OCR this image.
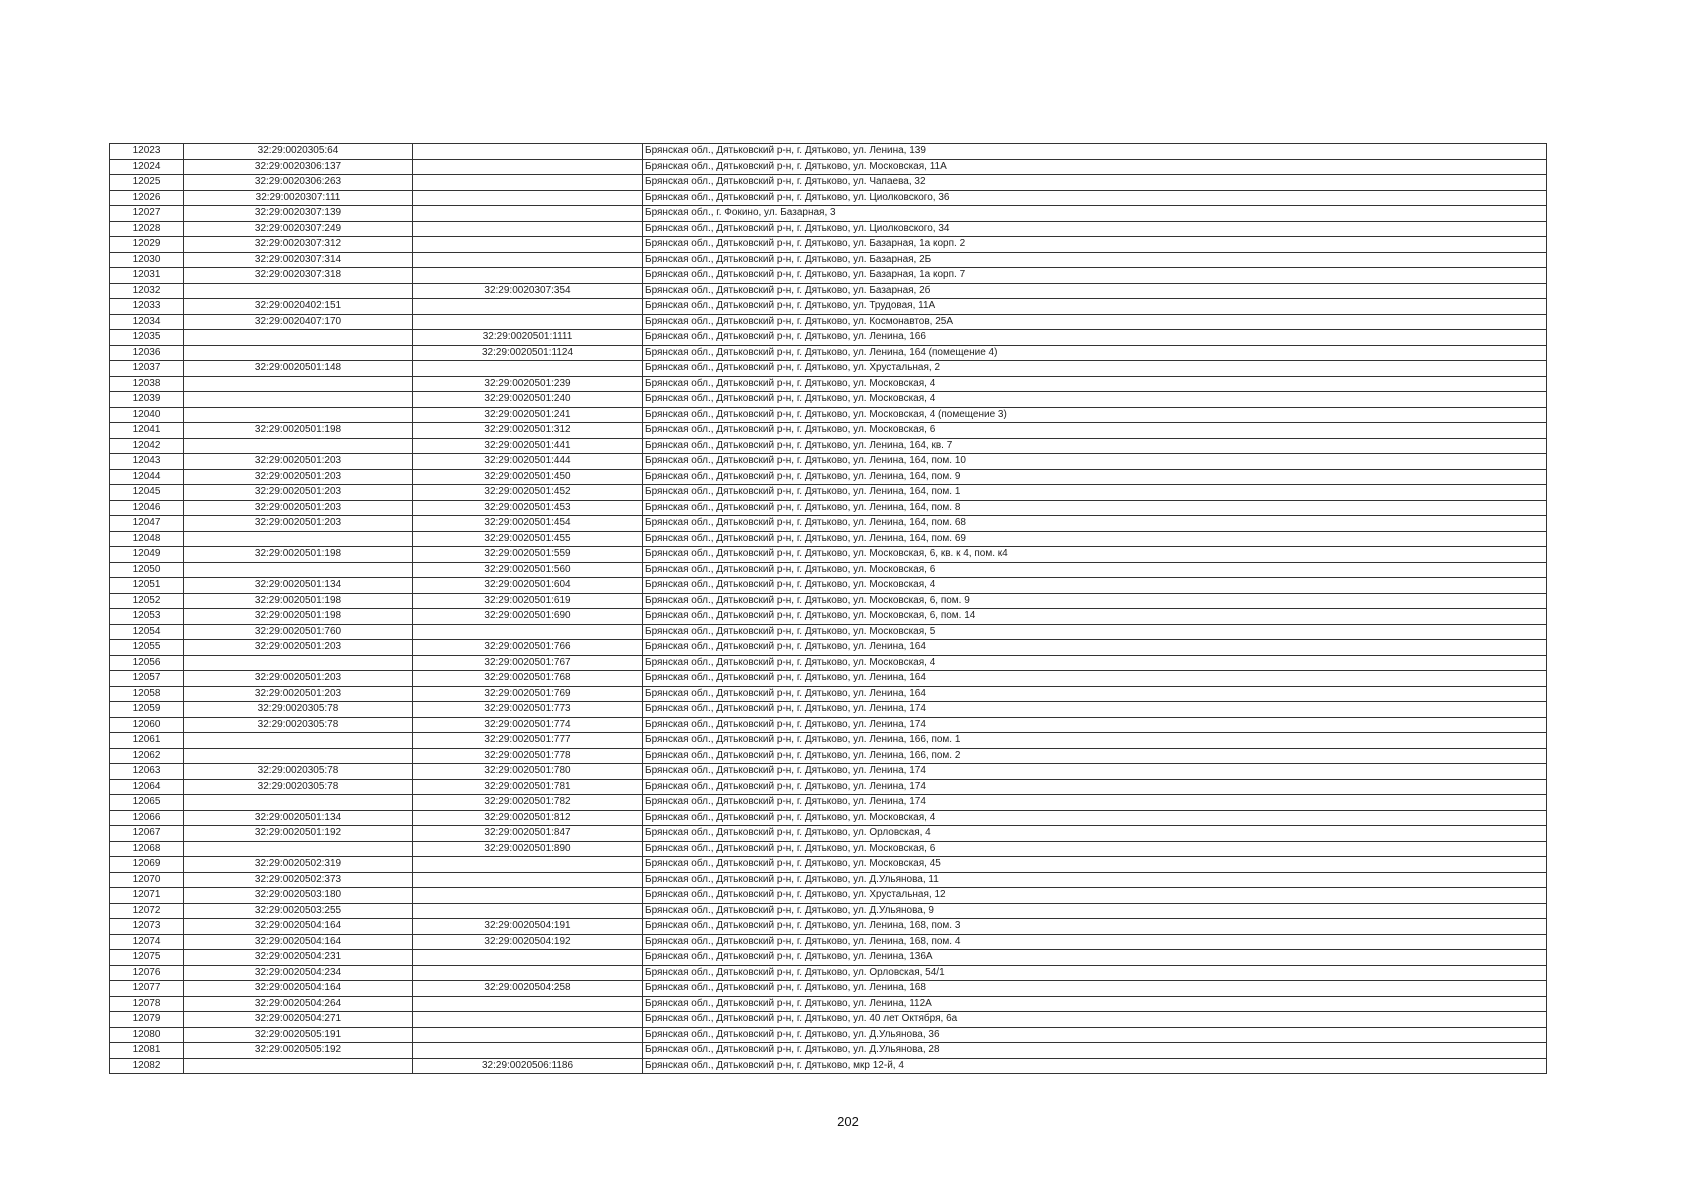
12023	32:29:0020305:64		Брянская обл., Дятьковский р-н, г. Дятьково, ул. Ленина, 139
12024	32:29:0020306:137		Брянская обл., Дятьковский р-н, г. Дятьково, ул. Московская, 11А
12025	32:29:0020306:263		Брянская обл., Дятьковский р-н, г. Дятьково, ул. Чапаева, 32
12026	32:29:0020307:111		Брянская обл., Дятьковский р-н, г. Дятьково, ул. Циолковского, 36
12027	32:29:0020307:139		Брянская обл., г. Фокино, ул. Базарная, 3
12028	32:29:0020307:249		Брянская обл., Дятьковский р-н, г. Дятьково, ул. Циолковского, 34
12029	32:29:0020307:312		Брянская обл., Дятьковский р-н, г. Дятьково, ул. Базарная, 1а корп. 2
12030	32:29:0020307:314		Брянская обл., Дятьковский р-н, г. Дятьково, ул. Базарная, 2Б
12031	32:29:0020307:318		Брянская обл., Дятьковский р-н, г. Дятьково, ул. Базарная, 1а корп. 7
12032		32:29:0020307:354	Брянская обл., Дятьковский р-н, г. Дятьково, ул. Базарная, 2б
12033	32:29:0020402:151		Брянская обл., Дятьковский р-н, г. Дятьково, ул. Трудовая, 11А
12034	32:29:0020407:170		Брянская обл., Дятьковский р-н, г. Дятьково, ул. Космонавтов, 25А
12035		32:29:0020501:1111	Брянская обл., Дятьковский р-н, г. Дятьково, ул. Ленина, 166
12036		32:29:0020501:1124	Брянская обл., Дятьковский р-н, г. Дятьково, ул. Ленина, 164 (помещение 4)
12037	32:29:0020501:148		Брянская обл., Дятьковский р-н, г. Дятьково, ул. Хрустальная, 2
12038		32:29:0020501:239	Брянская обл., Дятьковский р-н, г. Дятьково, ул. Московская, 4
12039		32:29:0020501:240	Брянская обл., Дятьковский р-н, г. Дятьково, ул. Московская, 4
12040		32:29:0020501:241	Брянская обл., Дятьковский р-н, г. Дятьково, ул. Московская, 4 (помещение 3)
12041	32:29:0020501:198	32:29:0020501:312	Брянская обл., Дятьковский р-н, г. Дятьково, ул. Московская, 6
12042		32:29:0020501:441	Брянская обл., Дятьковский р-н, г. Дятьково, ул. Ленина, 164, кв. 7
12043	32:29:0020501:203	32:29:0020501:444	Брянская обл., Дятьковский р-н, г. Дятьково, ул. Ленина, 164, пом. 10
12044	32:29:0020501:203	32:29:0020501:450	Брянская обл., Дятьковский р-н, г. Дятьково, ул. Ленина, 164, пом. 9
12045	32:29:0020501:203	32:29:0020501:452	Брянская обл., Дятьковский р-н, г. Дятьково, ул. Ленина, 164, пом. 1
12046	32:29:0020501:203	32:29:0020501:453	Брянская обл., Дятьковский р-н, г. Дятьково, ул. Ленина, 164, пом. 8
12047	32:29:0020501:203	32:29:0020501:454	Брянская обл., Дятьковский р-н, г. Дятьково, ул. Ленина, 164, пом. 68
12048		32:29:0020501:455	Брянская обл., Дятьковский р-н, г. Дятьково, ул. Ленина, 164, пом. 69
12049	32:29:0020501:198	32:29:0020501:559	Брянская обл., Дятьковский р-н, г. Дятьково, ул. Московская, 6, кв. к 4, пом. к4
12050		32:29:0020501:560	Брянская обл., Дятьковский р-н, г. Дятьково, ул. Московская, 6
12051	32:29:0020501:134	32:29:0020501:604	Брянская обл., Дятьковский р-н, г. Дятьково, ул. Московская, 4
12052	32:29:0020501:198	32:29:0020501:619	Брянская обл., Дятьковский р-н, г. Дятьково, ул. Московская, 6, пом. 9
12053	32:29:0020501:198	32:29:0020501:690	Брянская обл., Дятьковский р-н, г. Дятьково, ул. Московская, 6, пом. 14
12054	32:29:0020501:760		Брянская обл., Дятьковский р-н, г. Дятьково, ул. Московская, 5
12055	32:29:0020501:203	32:29:0020501:766	Брянская обл., Дятьковский р-н, г. Дятьково, ул. Ленина, 164
12056		32:29:0020501:767	Брянская обл., Дятьковский р-н, г. Дятьково, ул. Московская, 4
12057	32:29:0020501:203	32:29:0020501:768	Брянская обл., Дятьковский р-н, г. Дятьково, ул. Ленина, 164
12058	32:29:0020501:203	32:29:0020501:769	Брянская обл., Дятьковский р-н, г. Дятьково, ул. Ленина, 164
12059	32:29:0020305:78	32:29:0020501:773	Брянская обл., Дятьковский р-н, г. Дятьково, ул. Ленина, 174
12060	32:29:0020305:78	32:29:0020501:774	Брянская обл., Дятьковский р-н, г. Дятьково, ул. Ленина, 174
12061		32:29:0020501:777	Брянская обл., Дятьковский р-н, г. Дятьково, ул. Ленина, 166, пом. 1
12062		32:29:0020501:778	Брянская обл., Дятьковский р-н, г. Дятьково, ул. Ленина, 166, пом. 2
12063	32:29:0020305:78	32:29:0020501:780	Брянская обл., Дятьковский р-н, г. Дятьково, ул. Ленина, 174
12064	32:29:0020305:78	32:29:0020501:781	Брянская обл., Дятьковский р-н, г. Дятьково, ул. Ленина, 174
12065		32:29:0020501:782	Брянская обл., Дятьковский р-н, г. Дятьково, ул. Ленина, 174
12066	32:29:0020501:134	32:29:0020501:812	Брянская обл., Дятьковский р-н, г. Дятьково, ул. Московская, 4
12067	32:29:0020501:192	32:29:0020501:847	Брянская обл., Дятьковский р-н, г. Дятьково, ул. Орловская, 4
12068		32:29:0020501:890	Брянская обл., Дятьковский р-н, г. Дятьково, ул. Московская, 6
12069	32:29:0020502:319		Брянская обл., Дятьковский р-н, г. Дятьково, ул. Московская, 45
12070	32:29:0020502:373		Брянская обл., Дятьковский р-н, г. Дятьково, ул. Д.Ульянова, 11
12071	32:29:0020503:180		Брянская обл., Дятьковский р-н, г. Дятьково, ул. Хрустальная, 12
12072	32:29:0020503:255		Брянская обл., Дятьковский р-н, г. Дятьково, ул. Д.Ульянова, 9
12073	32:29:0020504:164	32:29:0020504:191	Брянская обл., Дятьковский р-н, г. Дятьково, ул. Ленина, 168, пом. 3
12074	32:29:0020504:164	32:29:0020504:192	Брянская обл., Дятьковский р-н, г. Дятьково, ул. Ленина, 168, пом. 4
12075	32:29:0020504:231		Брянская обл., Дятьковский р-н, г. Дятьково, ул. Ленина, 136А
12076	32:29:0020504:234		Брянская обл., Дятьковский р-н, г. Дятьково, ул. Орловская, 54/1
12077	32:29:0020504:164	32:29:0020504:258	Брянская обл., Дятьковский р-н, г. Дятьково, ул. Ленина, 168
12078	32:29:0020504:264		Брянская обл., Дятьковский р-н, г. Дятьково, ул. Ленина, 112А
12079	32:29:0020504:271		Брянская обл., Дятьковский р-н, г. Дятьково, ул. 40 лет Октября, 6а
12080	32:29:0020505:191		Брянская обл., Дятьковский р-н, г. Дятьково, ул. Д.Ульянова, 36
12081	32:29:0020505:192		Брянская обл., Дятьковский р-н, г. Дятьково, ул. Д.Ульянова, 28
12082		32:29:0020506:1186	Брянская обл., Дятьковский р-н, г. Дятьково, мкр 12-й, 4
202
